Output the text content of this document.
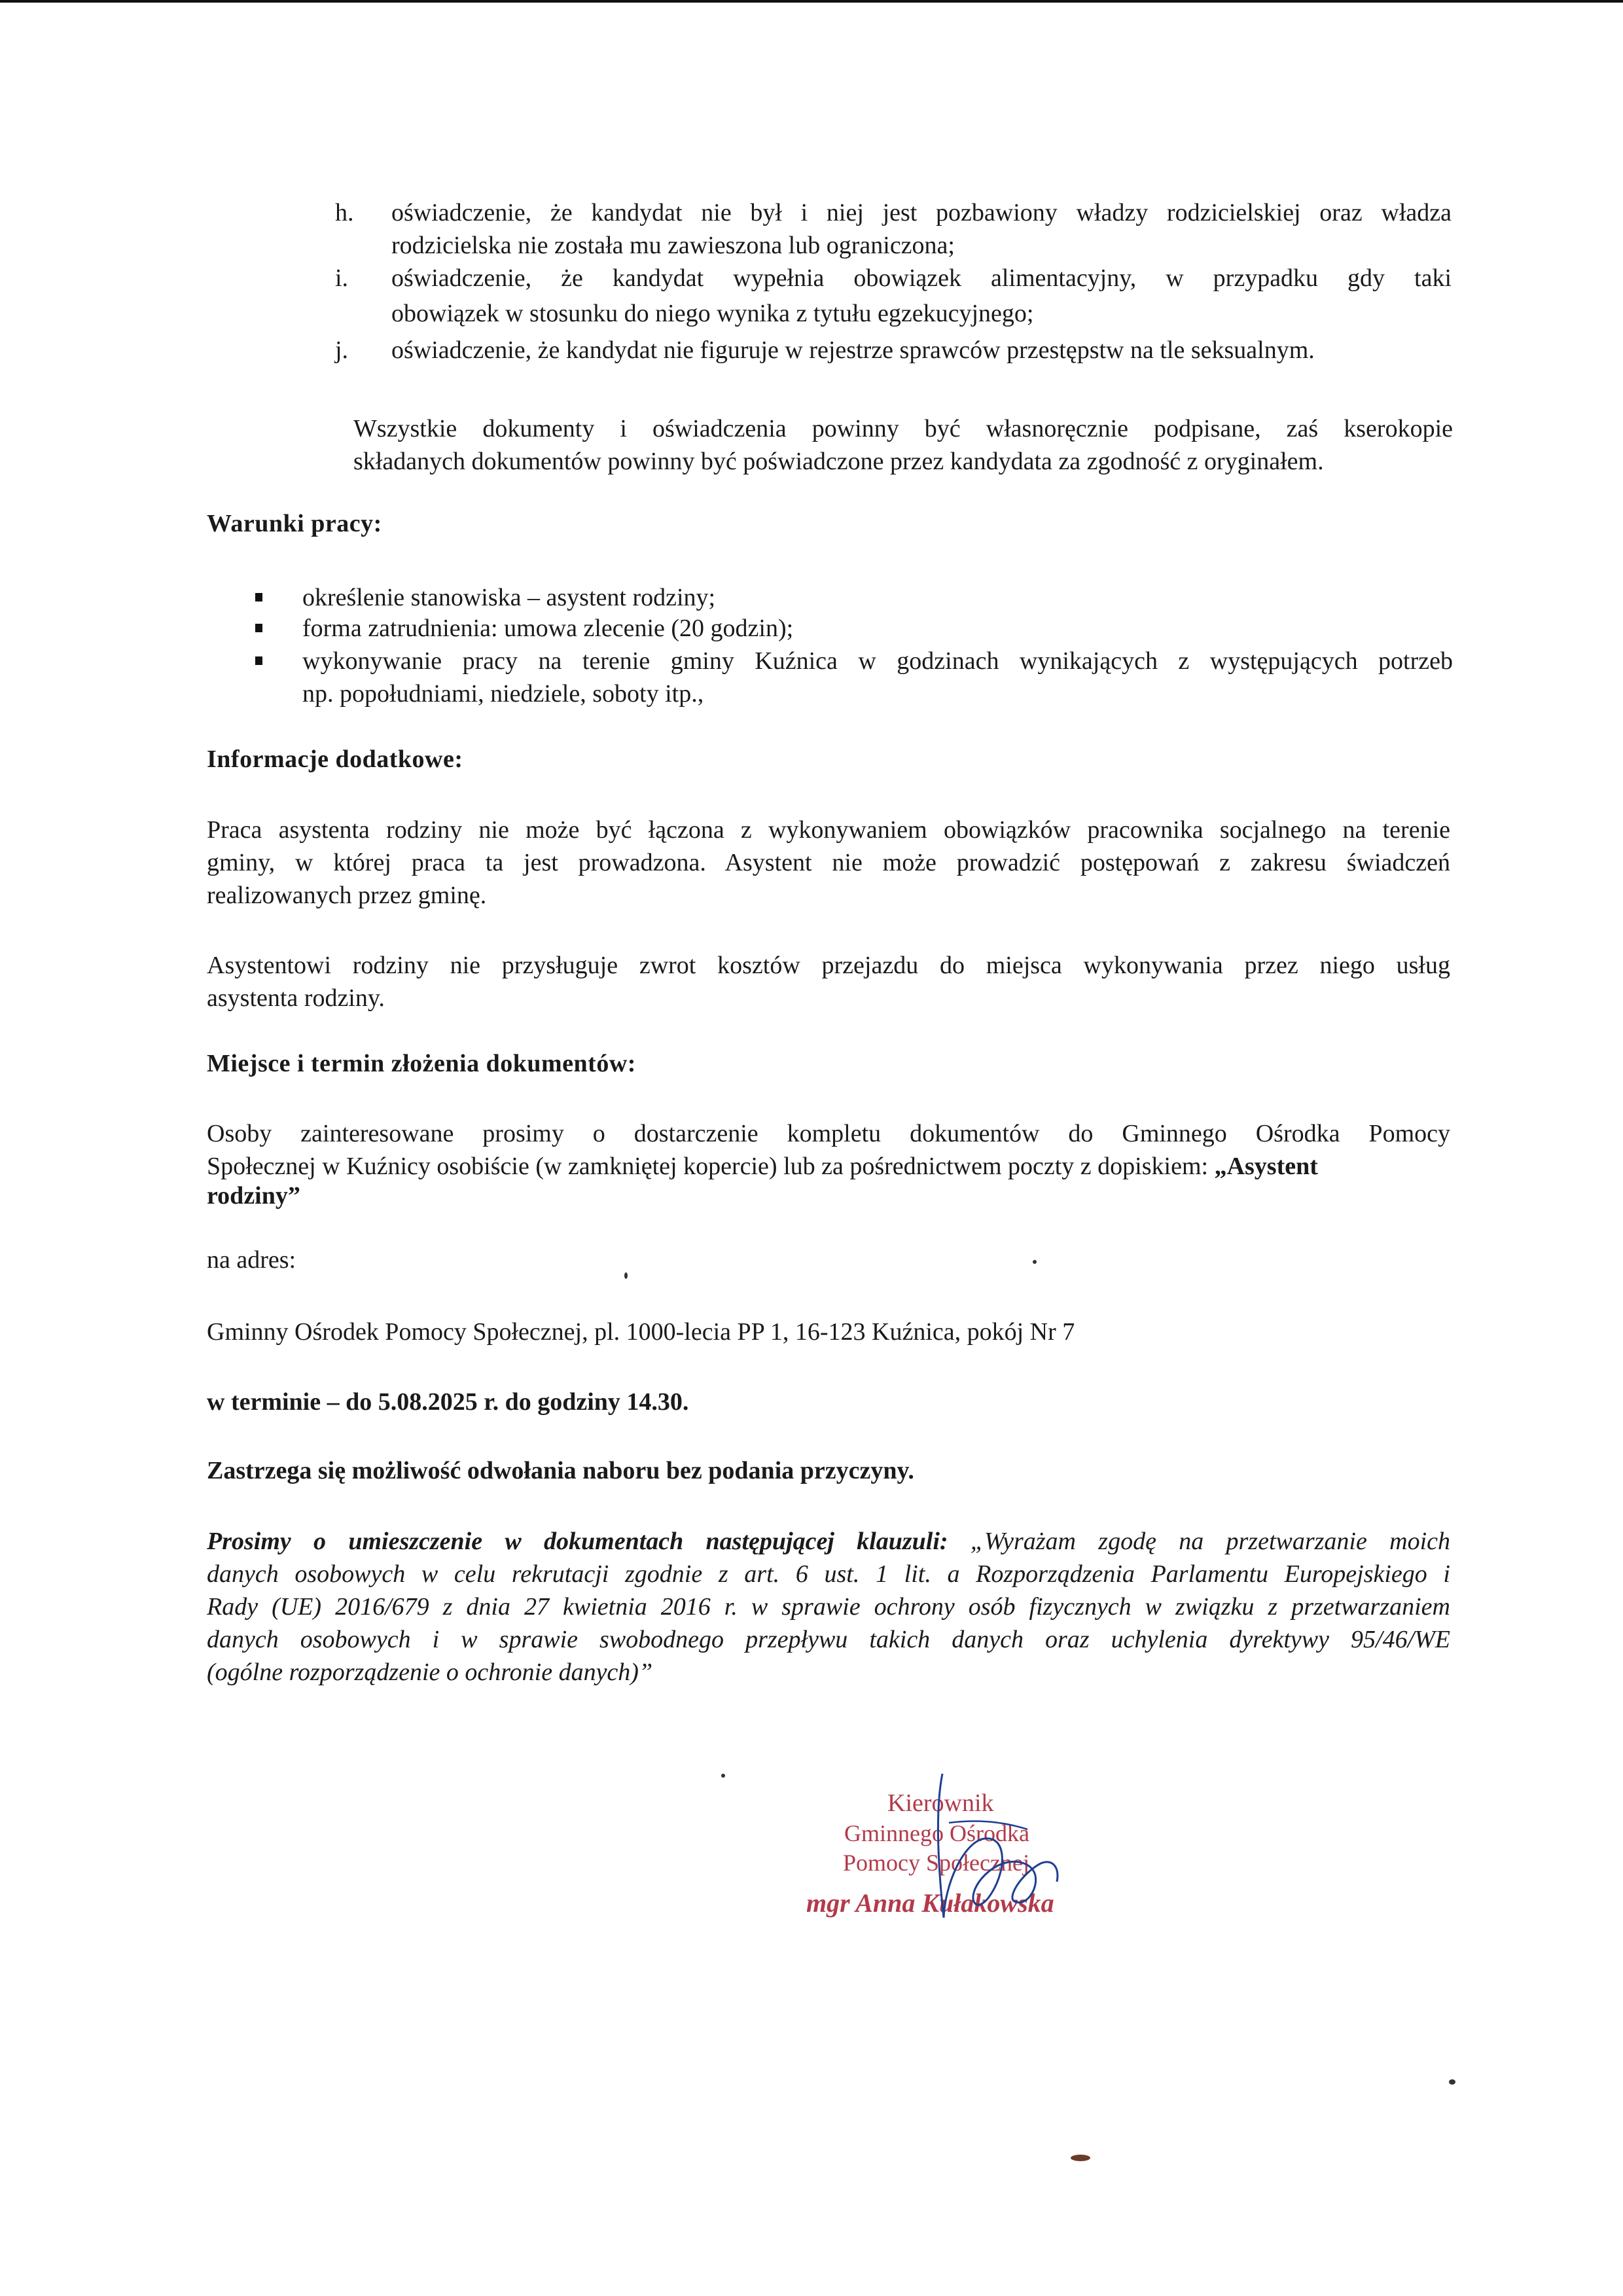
h. oświadczenie, że kandydat nie był i niej jest pozbawiony władzy rodzicielskiej oraz władza
rodzicielska nie została mu zawieszona lub ograniczona;
i. oświadczenie, że kandydat wypełnia obowiązek alimentacyjny, w przypadku gdy taki
obowiązek w stosunku do niego wynika z tytułu egzekucyjnego;
j. oświadczenie, że kandydat nie figuruje w rejestrze sprawców przestępstw na tle seksualnym.
Wszystkie dokumenty i oświadczenia powinny być własnoręcznie podpisane, zaś kserokopie
składanych dokumentów powinny być poświadczone przez kandydata za zgodność z oryginałem.
Warunki pracy:
określenie stanowiska – asystent rodziny;
forma zatrudnienia: umowa zlecenie (20 godzin);
wykonywanie pracy na terenie gminy Kuźnica w godzinach wynikających z występujących potrzeb
np. popołudniami, niedziele, soboty itp.,
Informacje dodatkowe:
Praca asystenta rodziny nie może być łączona z wykonywaniem obowiązków pracownika socjalnego na terenie
gminy, w której praca ta jest prowadzona. Asystent nie może prowadzić postępowań z zakresu świadczeń
realizowanych przez gminę.
Asystentowi rodziny nie przysługuje zwrot kosztów przejazdu do miejsca wykonywania przez niego usług
asystenta rodziny.
Miejsce i termin złożenia dokumentów:
Osoby zainteresowane prosimy o dostarczenie kompletu dokumentów do Gminnego Ośrodka Pomocy
Społecznej w Kuźnicy osobiście (w zamkniętej kopercie) lub za pośrednictwem poczty z dopiskiem: „Asystent
rodziny”
na adres:
Gminny Ośrodek Pomocy Społecznej, pl. 1000-lecia PP 1, 16-123 Kuźnica, pokój Nr 7
w terminie – do 5.08.2025 r. do godziny 14.30.
Zastrzega się możliwość odwołania naboru bez podania przyczyny.
Prosimy o umieszczenie w dokumentach następującej klauzuli: „Wyrażam zgodę na przetwarzanie moich
danych osobowych w celu rekrutacji zgodnie z art. 6 ust. 1 lit. a Rozporządzenia Parlamentu Europejskiego i
Rady (UE) 2016/679 z dnia 27 kwietnia 2016 r. w sprawie ochrony osób fizycznych w związku z przetwarzaniem
danych osobowych i w sprawie swobodnego przepływu takich danych oraz uchylenia dyrektywy 95/46/WE
(ogólne rozporządzenie o ochronie danych)”
Kierownik
Gminnego Ośrodka
Pomocy Społecznej
mgr Anna Kułakowska
